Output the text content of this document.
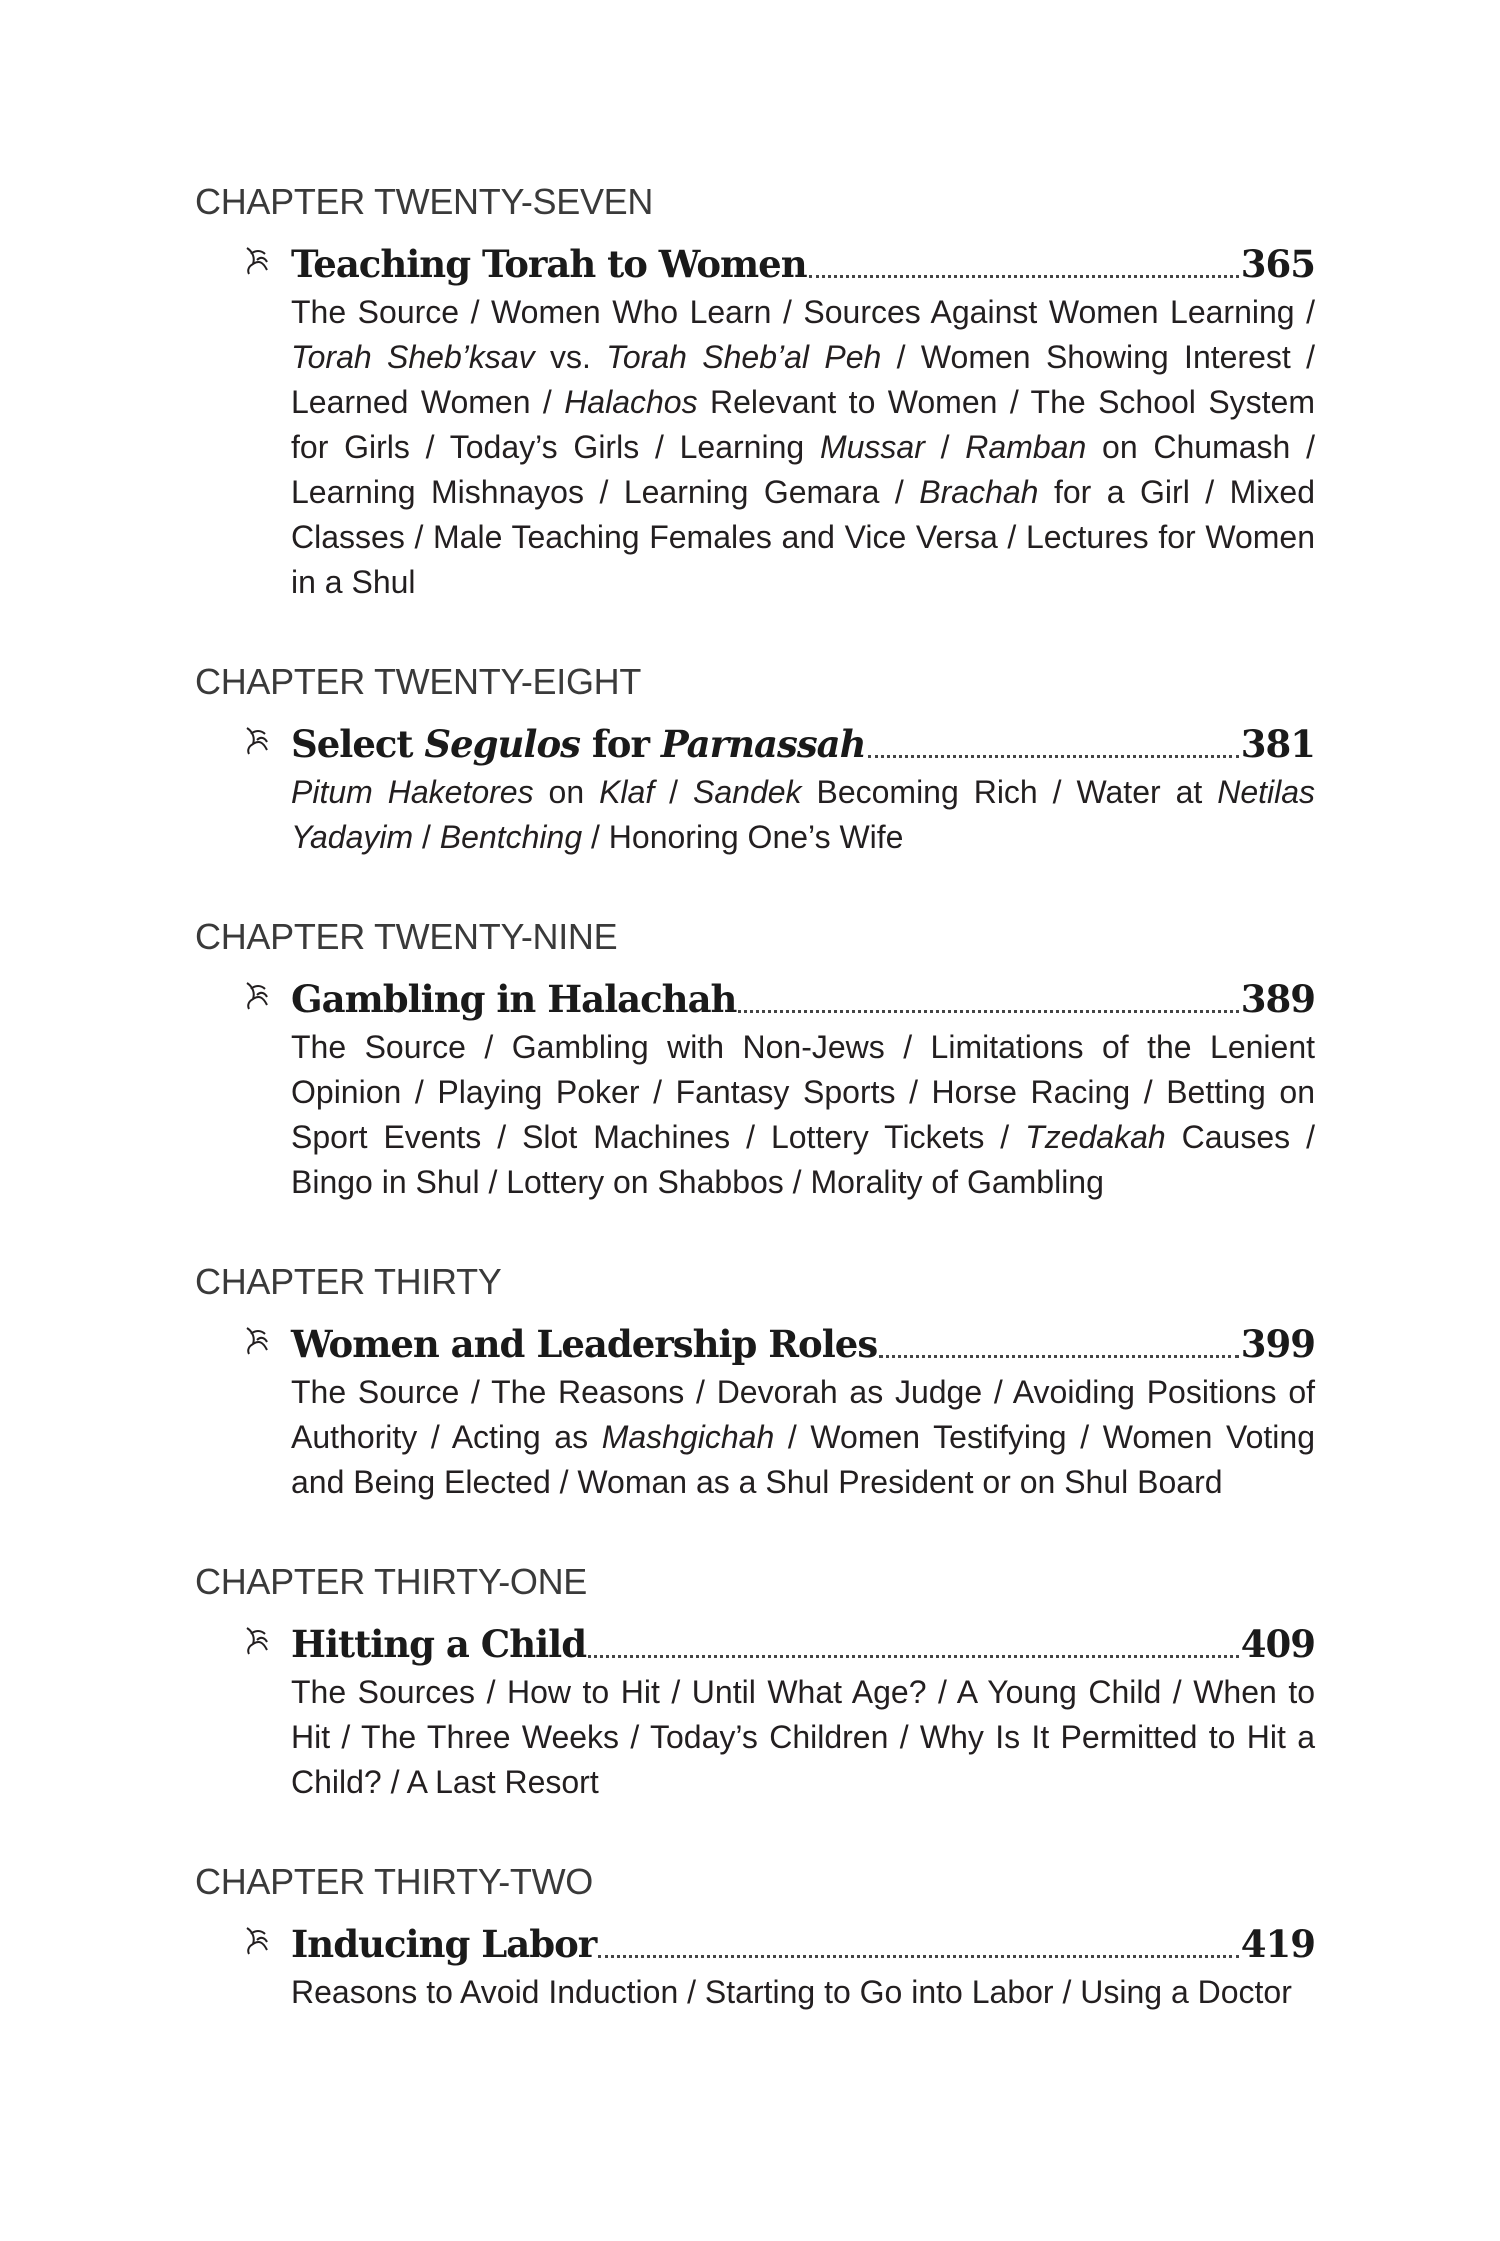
CHAPTER TWENTY-SEVEN
Teaching Torah to Women	365
The Source / Women Who Learn / Sources Against Women Learning / Torah Sheb’ksav vs. Torah Sheb’al Peh / Women Showing Interest / Learned Women / Halachos Relevant to Women / The School System for Girls / Today’s Girls / Learning Mussar / Ramban on Chumash / Learning Mishnayos / Learning Gemara / Brachah for a Girl / Mixed Classes / Male Teaching Females and Vice Versa / Lectures for Women in a Shul
CHAPTER TWENTY-EIGHT
Select Segulos for Parnassah	381
Pitum Haketores on Klaf / Sandek Becoming Rich / Water at Netilas Yadayim / Bentching / Honoring One’s Wife
CHAPTER TWENTY-NINE
Gambling in Halachah	389
The Source / Gambling with Non-Jews / Limitations of the Lenient Opinion / Playing Poker / Fantasy Sports / Horse Racing / Betting on Sport Events / Slot Machines / Lottery Tickets / Tzedakah Causes / Bingo in Shul / Lottery on Shabbos / Morality of Gambling
CHAPTER THIRTY
Women and Leadership Roles	399
The Source / The Reasons / Devorah as Judge / Avoiding Positions of Authority / Acting as Mashgichah / Women Testifying / Women Voting and Being Elected / Woman as a Shul President or on Shul Board
CHAPTER THIRTY-ONE
Hitting a Child	409
The Sources / How to Hit / Until What Age? / A Young Child / When to Hit / The Three Weeks / Today’s Children / Why Is It Permitted to Hit a Child? / A Last Resort
CHAPTER THIRTY-TWO
Inducing Labor	419
Reasons to Avoid Induction / Starting to Go into Labor / Using a Doctor
